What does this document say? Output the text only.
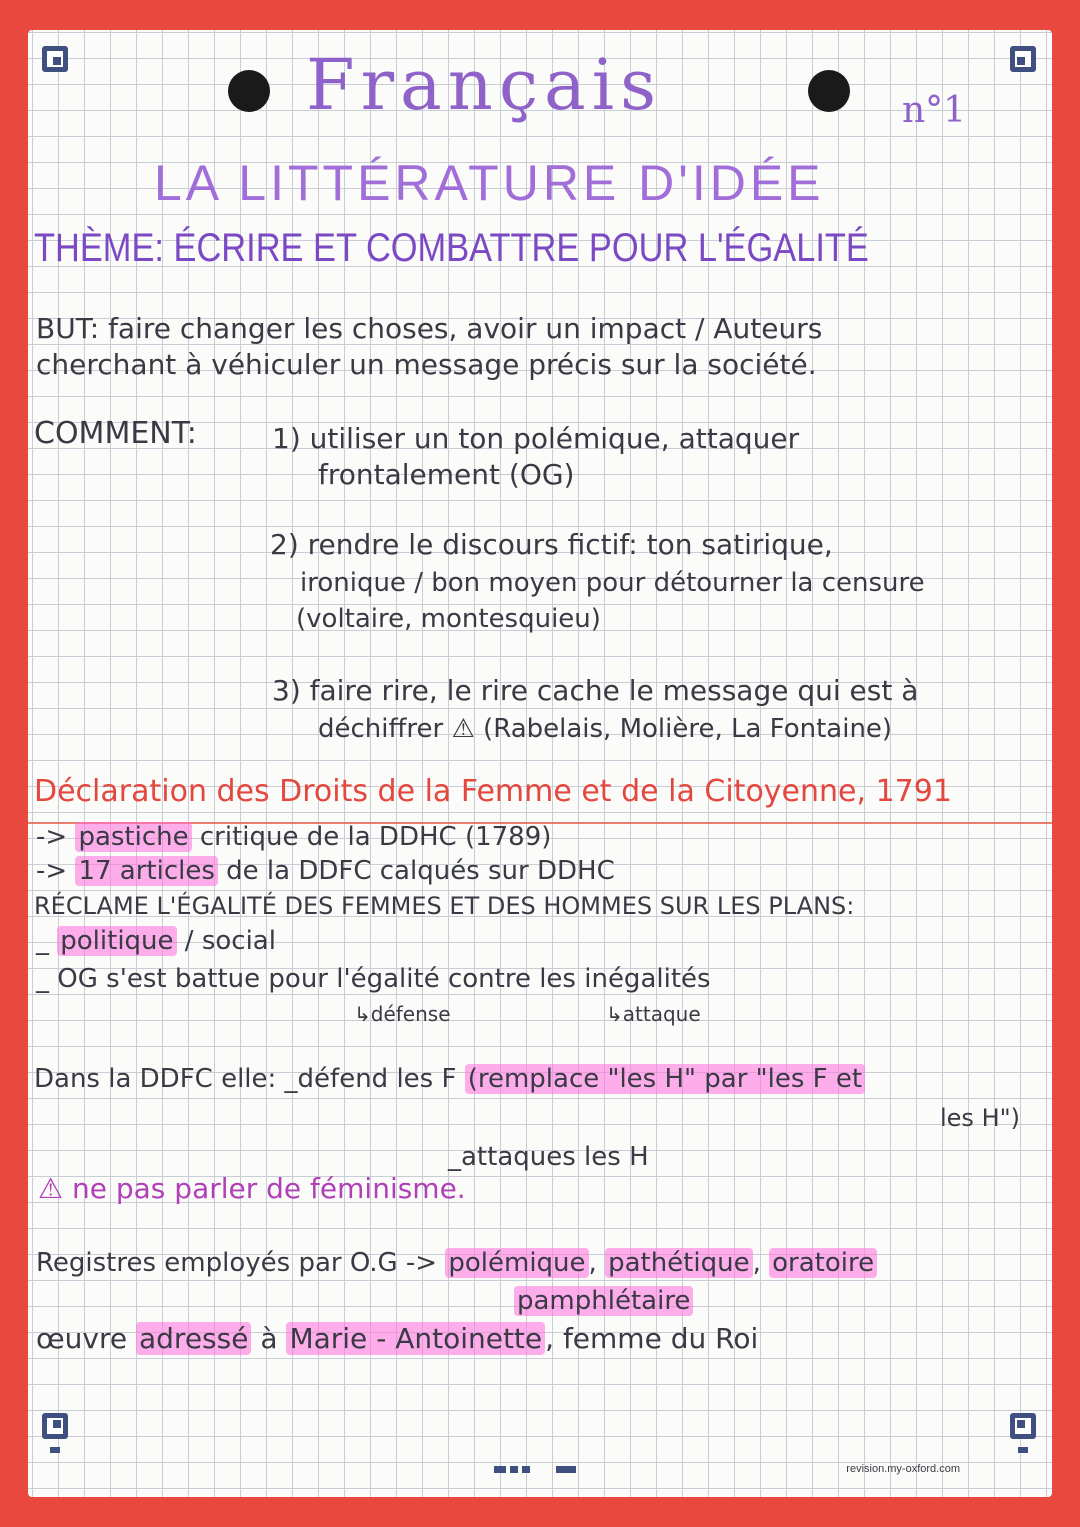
Français	n°1
LA LITTÉRATURE D'IDÉE
THÈME: ÉCRIRE ET COMBATTRE POUR L'ÉGALITÉ
BUT: faire changer les choses, avoir un impact / Auteurs
cherchant à véhiculer un message précis sur la société.
COMMENT:	1) utiliser un ton polémique, attaquer
frontalement (OG)
2) rendre le discours fictif: ton satirique,
ironique / bon moyen pour détourner la censure
(voltaire, montesquieu)
3) faire rire, le rire cache le message qui est à
déchiffrer ⚠ (Rabelais, Molière, La Fontaine)
Déclaration des Droits de la Femme et de la Citoyenne, 1791
-> pastiche critique de la DDHC (1789)
-> 17 articles de la DDFC calqués sur DDHC
RÉCLAME L'ÉGALITÉ DES FEMMES ET DES HOMMES SUR LES PLANS:
_ politique / social
_ OG s'est battue pour l'égalité contre les inégalités
↳défense	↳attaque
Dans la DDFC elle: _défend les F (remplace "les H" par "les F et
les H")
_attaques les H
⚠ ne pas parler de féminisme.
Registres employés par O.G -> polémique , pathétique , oratoire
pamphlétaire
œuvre adressé à Marie - Antoinette , femme du Roi
revision.my-oxford.com
